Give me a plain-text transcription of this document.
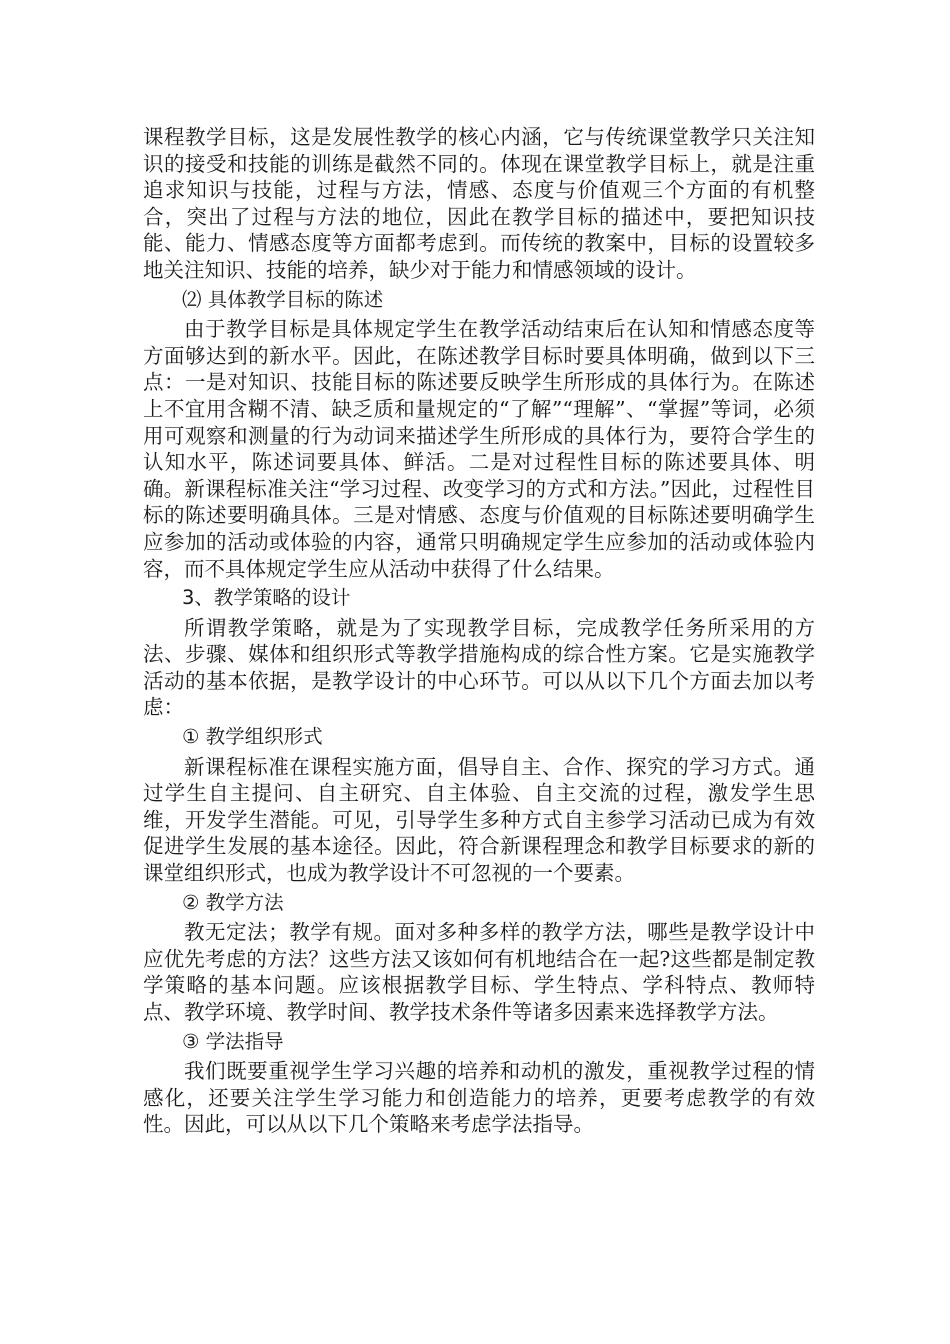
课程教学目标，这是发展性教学的核心内涵，它与传统课堂教学只关注知识的接受和技能的训练是截然不同的。体现在课堂教学目标上，就是注重追求知识与技能，过程与方法，情感、态度与价值观三个方面的有机整合，突出了过程与方法的地位，因此在教学目标的描述中，要把知识技能、能力、情感态度等方面都考虑到。而传统的教案中，目标的设置较多地关注知识、技能的培养，缺少对于能力和情感领域的设计。

⑵ 具体教学目标的陈述

由于教学目标是具体规定学生在教学活动结束后在认知和情感态度等方面够达到的新水平。因此，在陈述教学目标时要具体明确，做到以下三点：一是对知识、技能目标的陈述要反映学生所形成的具体行为。在陈述上不宜用含糊不清、缺乏质和量规定的“了解”“理解”、“掌握”等词，必须用可观察和测量的行为动词来描述学生所形成的具体行为，要符合学生的认知水平，陈述词要具体、鲜活。二是对过程性目标的陈述要具体、明确。新课程标准关注“学习过程、改变学习的方式和方法。”因此，过程性目标的陈述要明确具体。三是对情感、态度与价值观的目标陈述要明确学生应参加的活动或体验的内容，通常只明确规定学生应参加的活动或体验内容，而不具体规定学生应从活动中获得了什么结果。

3、教学策略的设计

所谓教学策略，就是为了实现教学目标，完成教学任务所采用的方法、步骤、媒体和组织形式等教学措施构成的综合性方案。它是实施教学活动的基本依据，是教学设计的中心环节。可以从以下几个方面去加以考虑：

① 教学组织形式

新课程标准在课程实施方面，倡导自主、合作、探究的学习方式。通过学生自主提问、自主研究、自主体验、自主交流的过程，激发学生思维，开发学生潜能。可见，引导学生多种方式自主参学习活动已成为有效促进学生发展的基本途径。因此，符合新课程理念和教学目标要求的新的课堂组织形式，也成为教学设计不可忽视的一个要素。

② 教学方法

教无定法；教学有规。面对多种多样的教学方法，哪些是教学设计中应优先考虑的方法？这些方法又该如何有机地结合在一起?这些都是制定教学策略的基本问题。应该根据教学目标、学生特点、学科特点、教师特点、教学环境、教学时间、教学技术条件等诸多因素来选择教学方法。

③ 学法指导

我们既要重视学生学习兴趣的培养和动机的激发，重视教学过程的情感化，还要关注学生学习能力和创造能力的培养，更要考虑教学的有效性。因此，可以从以下几个策略来考虑学法指导。
